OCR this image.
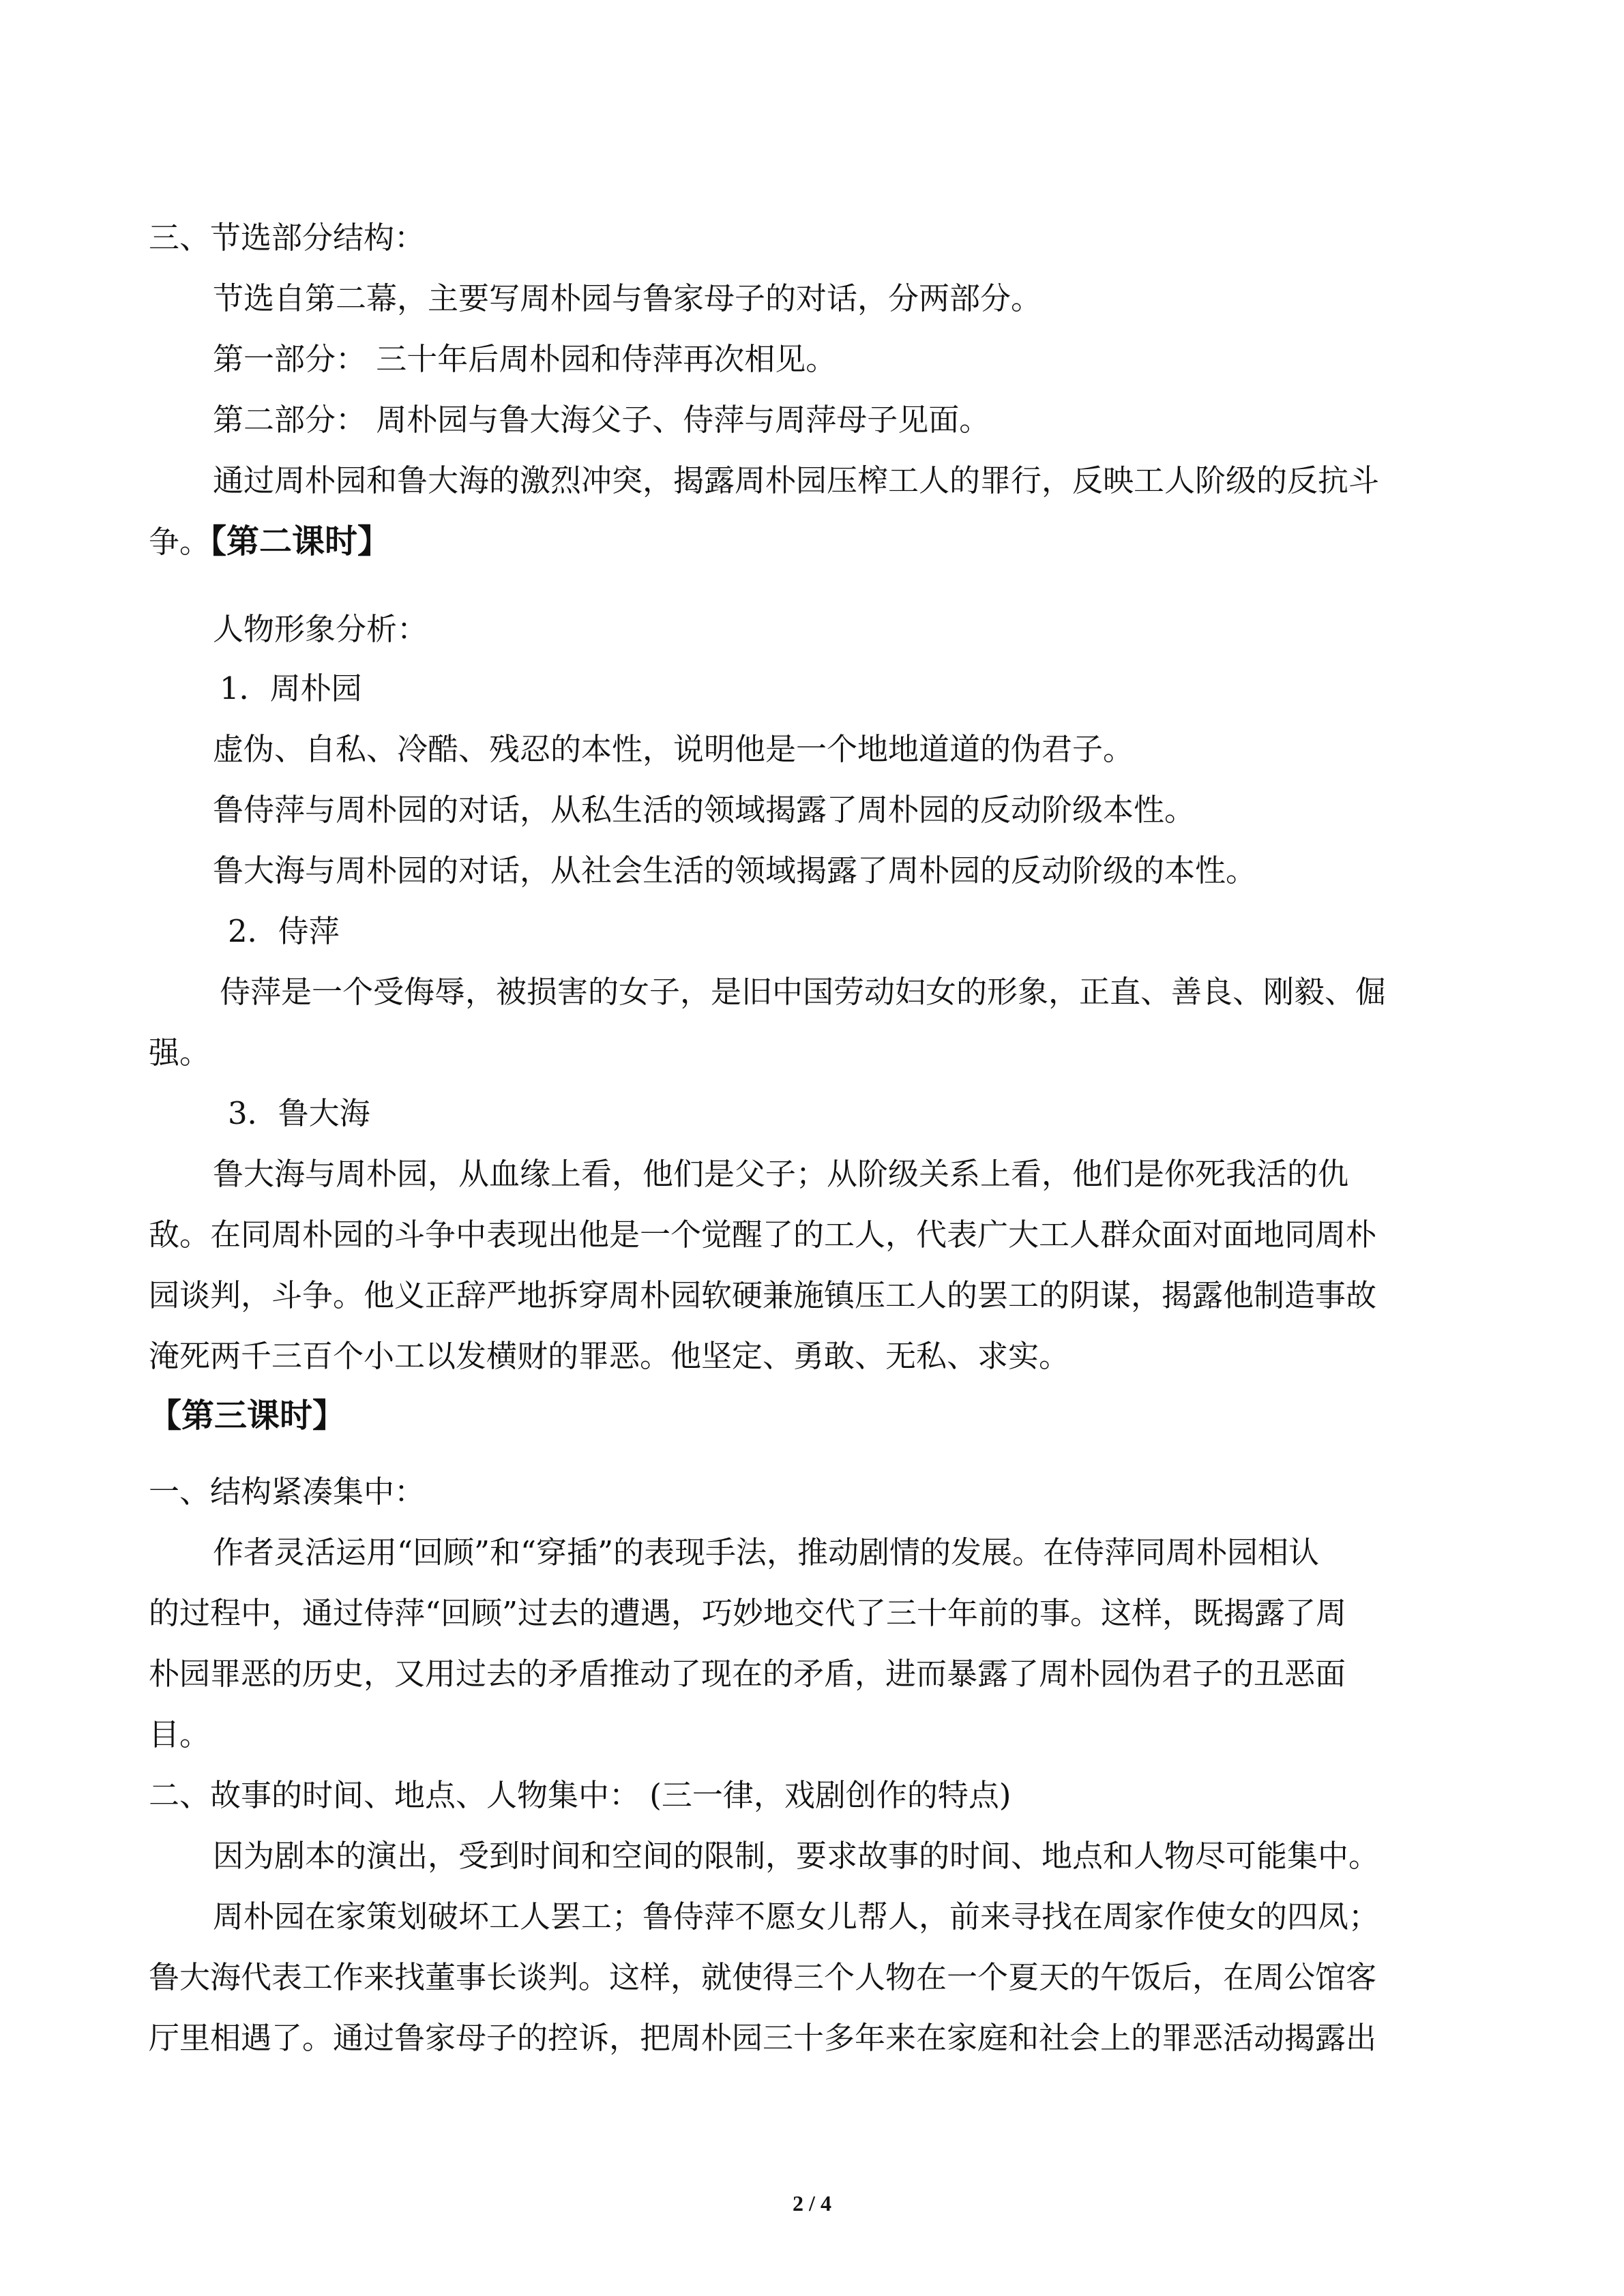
三、节选部分结构：
节选自第二幕，主要写周朴园与鲁家母子的对话，分两部分。
第一部分： 三十年后周朴园和侍萍再次相见。
第二部分： 周朴园与鲁大海父子、侍萍与周萍母子见面。
通过周朴园和鲁大海的激烈冲突，揭露周朴园压榨工人的罪行，反映工人阶级的反抗斗
争。【第二课时】
人物形象分析：
1．周朴园
虚伪、自私、冷酷、残忍的本性，说明他是一个地地道道的伪君子。
鲁侍萍与周朴园的对话，从私生活的领域揭露了周朴园的反动阶级本性。
鲁大海与周朴园的对话，从社会生活的领域揭露了周朴园的反动阶级的本性。
2．侍萍
侍萍是一个受侮辱，被损害的女子，是旧中国劳动妇女的形象，正直、善良、刚毅、倔
强。
3．鲁大海
鲁大海与周朴园，从血缘上看，他们是父子；从阶级关系上看，他们是你死我活的仇
敌。在同周朴园的斗争中表现出他是一个觉醒了的工人，代表广大工人群众面对面地同周朴
园谈判，斗争。他义正辞严地拆穿周朴园软硬兼施镇压工人的罢工的阴谋，揭露他制造事故
淹死两千三百个小工以发横财的罪恶。他坚定、勇敢、无私、求实。
【第三课时】
一、结构紧凑集中：
作者灵活运用“回顾”和“穿插”的表现手法，推动剧情的发展。在侍萍同周朴园相认
的过程中，通过侍萍“回顾”过去的遭遇，巧妙地交代了三十年前的事。这样，既揭露了周
朴园罪恶的历史，又用过去的矛盾推动了现在的矛盾，进而暴露了周朴园伪君子的丑恶面
目。
二、故事的时间、地点、人物集中： (三一律，戏剧创作的特点)
因为剧本的演出，受到时间和空间的限制，要求故事的时间、地点和人物尽可能集中。
周朴园在家策划破坏工人罢工；鲁侍萍不愿女儿帮人，前来寻找在周家作使女的四凤；
鲁大海代表工作来找董事长谈判。这样，就使得三个人物在一个夏天的午饭后，在周公馆客
厅里相遇了。通过鲁家母子的控诉，把周朴园三十多年来在家庭和社会上的罪恶活动揭露出
2 / 4
